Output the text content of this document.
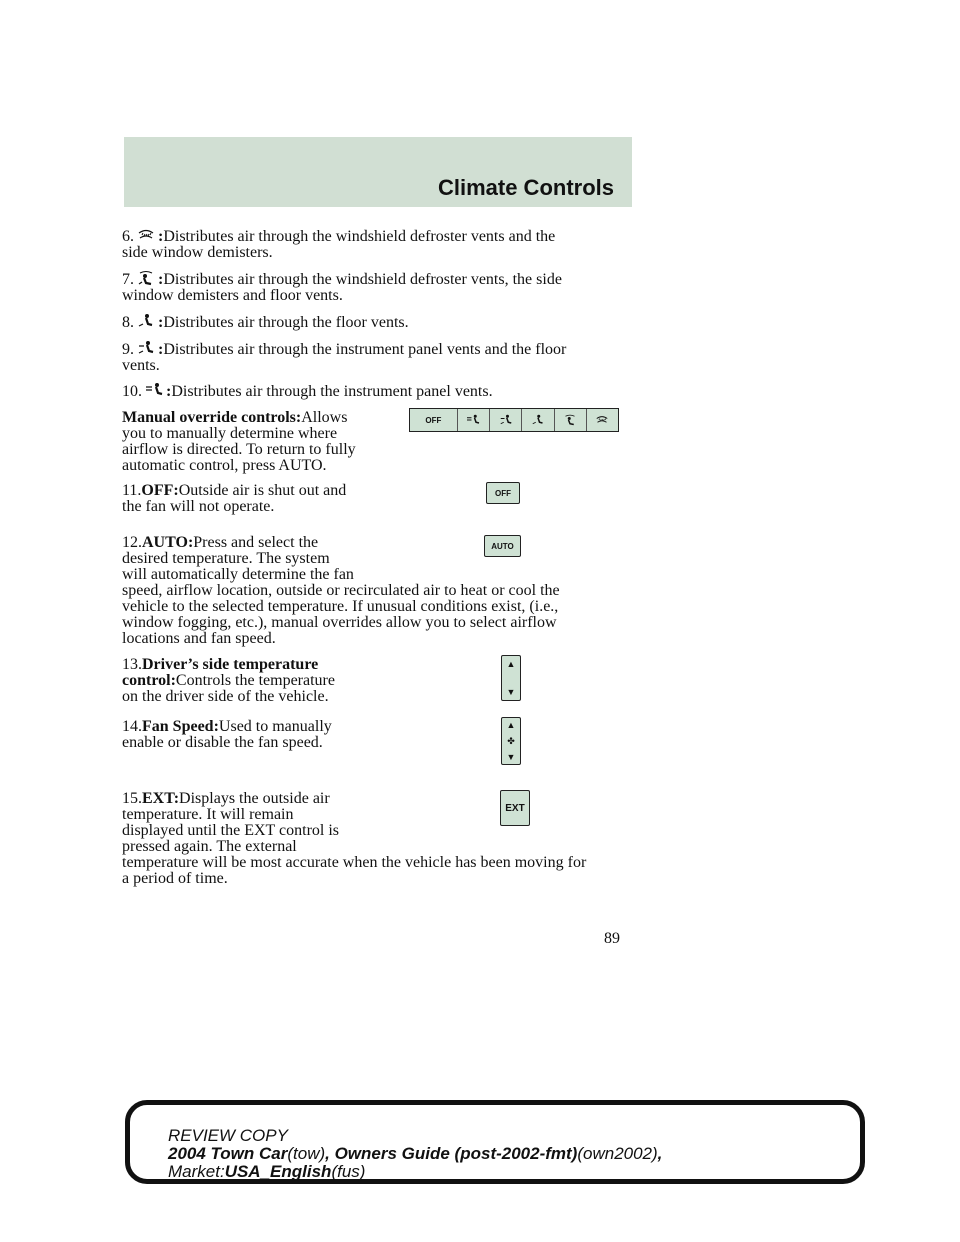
Climate Controls
6. :Distributes air through the windshield defroster vents and the
side window demisters.
7. :Distributes air through the windshield defroster vents, the side
window demisters and floor vents.
8. :Distributes air through the floor vents.
9. :Distributes air through the instrument panel vents and the floor
vents.
10. :Distributes air through the instrument panel vents.
Manual override controls:Allows
you to manually determine where
airflow is directed. To return to fully
automatic control, press AUTO.
OFF
11.OFF:Outside air is shut out and
the fan will not operate.
OFF
12.AUTO:Press and select the
desired temperature. The system
will automatically determine the fan
speed, airflow location, outside or recirculated air to heat or cool the
vehicle to the selected temperature. If unusual conditions exist, (i.e.,
window fogging, etc.), manual overrides allow you to select airflow
locations and fan speed.
AUTO
13.Driver’s side temperature
control:Controls the temperature
on the driver side of the vehicle.
▲
▼
14.Fan Speed:Used to manually
enable or disable the fan speed.
▲
✤
▼
15.EXT:Displays the outside air
temperature. It will remain
displayed until the EXT control is
pressed again. The external
temperature will be most accurate when the vehicle has been moving for
a period of time.
EXT
89
REVIEW COPY
2004 Town Car(tow), Owners Guide (post-2002-fmt)(own2002),
Market:USA_English(fus)
